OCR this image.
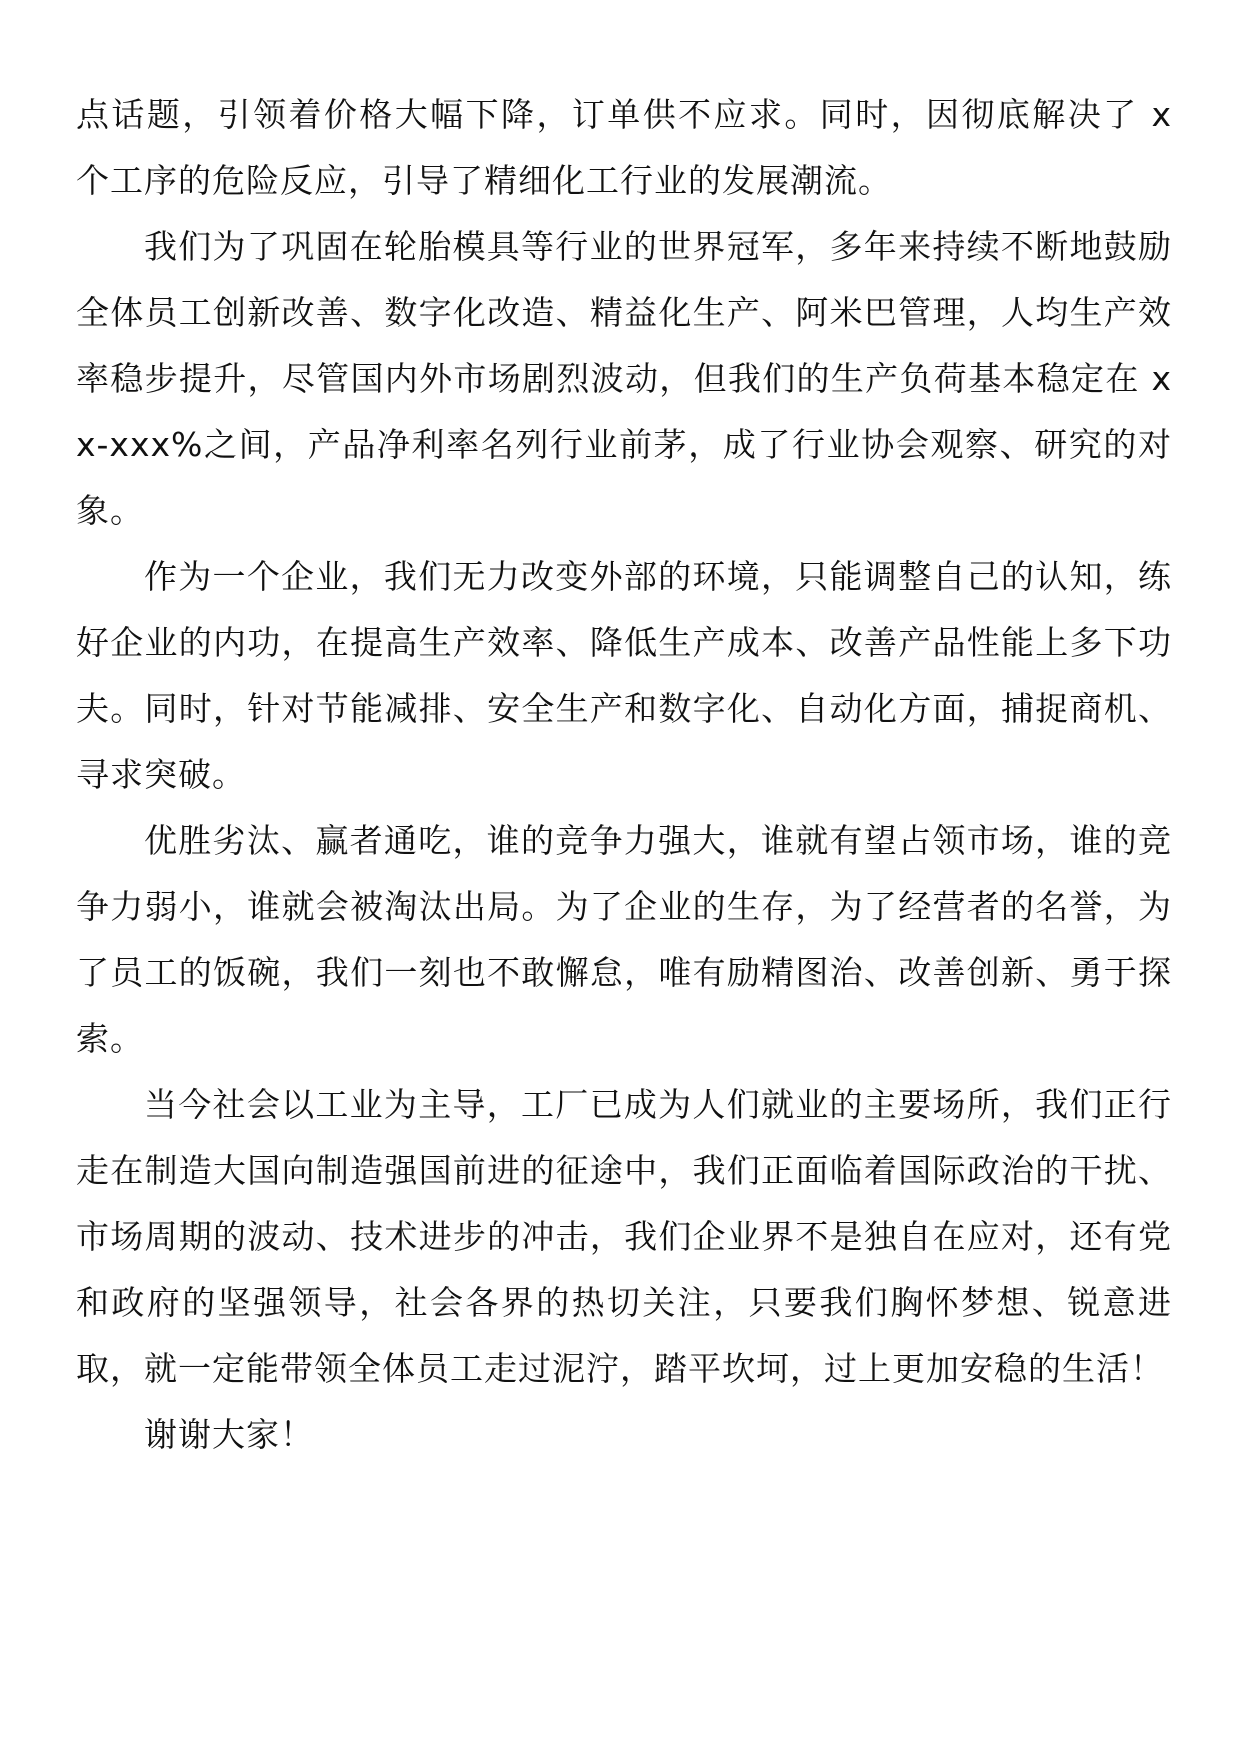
点话题，引领着价格大幅下降，订单供不应求。同时，因彻底解决了 x 个工序的危险反应，引导了精细化工行业的发展潮流。

我们为了巩固在轮胎模具等行业的世界冠军，多年来持续不断地鼓励全体员工创新改善、数字化改造、精益化生产、阿米巴管理，人均生产效率稳步提升，尽管国内外市场剧烈波动，但我们的生产负荷基本稳定在 xx-xxx%之间，产品净利率名列行业前茅，成了行业协会观察、研究的对象。

作为一个企业，我们无力改变外部的环境，只能调整自己的认知，练好企业的内功，在提高生产效率、降低生产成本、改善产品性能上多下功夫。同时，针对节能减排、安全生产和数字化、自动化方面，捕捉商机、寻求突破。

优胜劣汰、赢者通吃，谁的竞争力强大，谁就有望占领市场，谁的竞争力弱小，谁就会被淘汰出局。为了企业的生存，为了经营者的名誉，为了员工的饭碗，我们一刻也不敢懈怠，唯有励精图治、改善创新、勇于探索。

当今社会以工业为主导，工厂已成为人们就业的主要场所，我们正行走在制造大国向制造强国前进的征途中，我们正面临着国际政治的干扰、市场周期的波动、技术进步的冲击，我们企业界不是独自在应对，还有党和政府的坚强领导，社会各界的热切关注，只要我们胸怀梦想、锐意进取，就一定能带领全体员工走过泥泞，踏平坎坷，过上更加安稳的生活！

谢谢大家！
